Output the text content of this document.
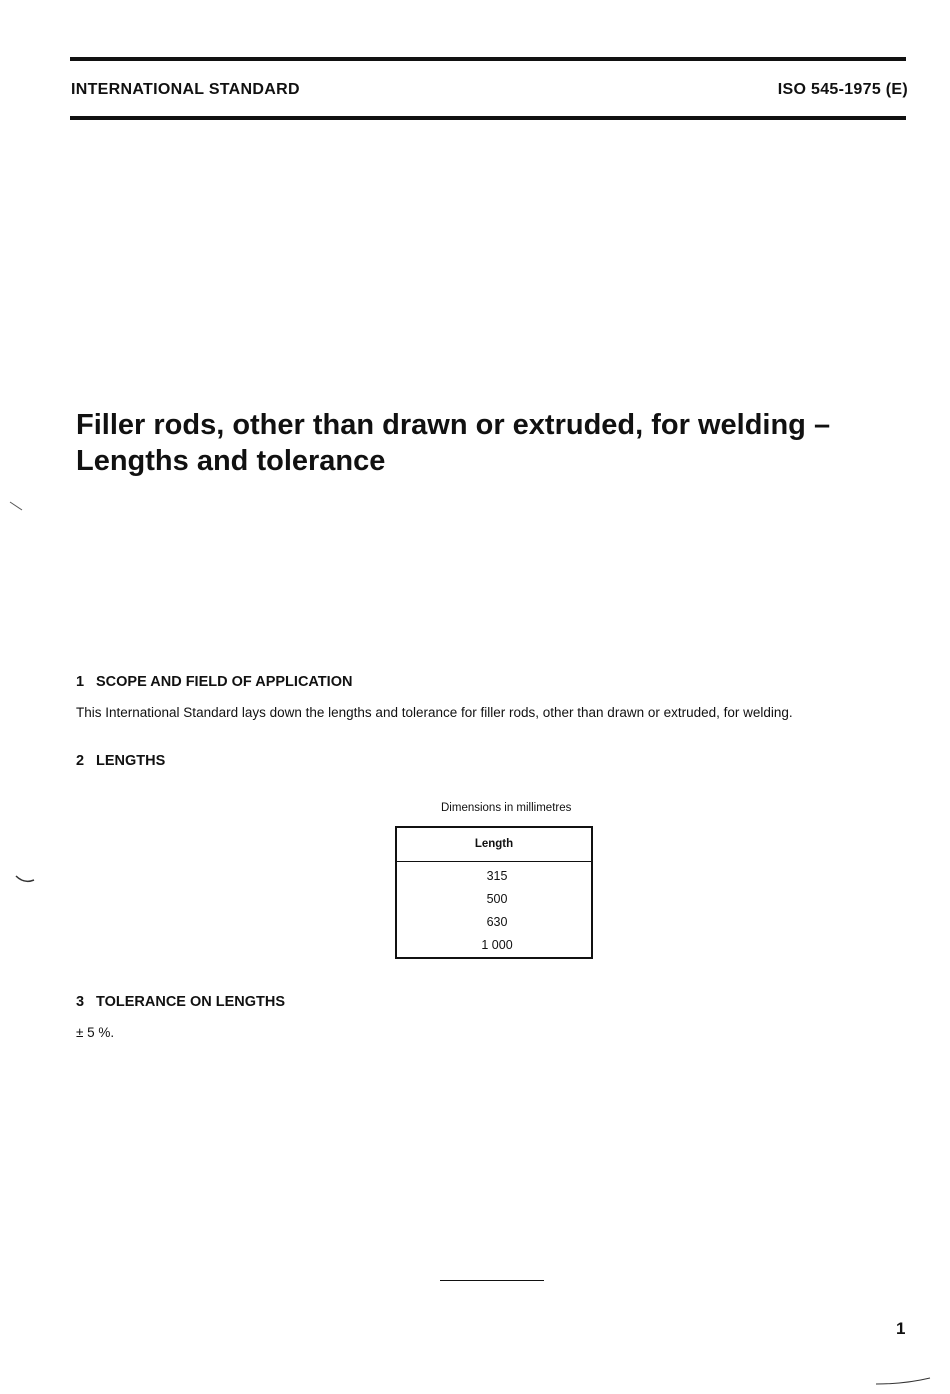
INTERNATIONAL STANDARD	ISO 545-1975 (E)
Filler rods, other than drawn or extruded, for welding –
Lengths and tolerance
1 SCOPE AND FIELD OF APPLICATION
This International Standard lays down the lengths and tolerance for filler rods, other than drawn or extruded, for welding.
2 LENGTHS
Dimensions in millimetres
Length
315
500
630
1 000
3 TOLERANCE ON LENGTHS
± 5 %.
1
